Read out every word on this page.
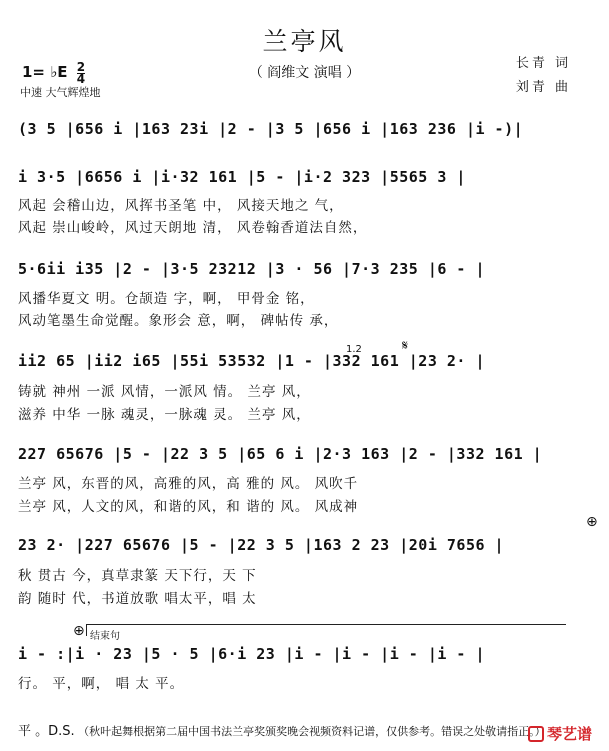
兰亭风
（ 阎维文 演唱 ）
长青 词
刘青 曲
1= ♭E $\frac{2}{4}$
中速 大气辉煌地
(3 5 |656 i |163 23i |2 - |3 5 |656 i |163 236 |i -)|
i 3·5 |6656 i |i·32 161 |5 - |i·2 323 |5565 3 |
风起 会稽山边，风挥书圣笔 中， 风接天地之 气，
风起 崇山峻岭，风过天朗地 清， 风卷翰香道法自然，
5·6ii i35 |2 - |3·5 23212 |3 · 56 |7·3 235 |6 - |
风播华夏文 明。仓颉造 字，啊， 甲骨金 铭，
风动笔墨生命觉醒。象形会 意，啊， 碑帖传 承，
ii2 65 |ii2 i65 |55i 53532 |1 - |332 161 |23 2· |
1.2	𝄋
铸就 神州 一派 风情，一派风 情。 兰亭 风，
滋养 中华 一脉 魂灵，一脉魂 灵。 兰亭 风，
227 65676 |5 - |22 3 5 |65 6 i |2·3 163 |2 - |332 161 |
兰亭 风，东晋的风，高雅的风，高 雅的 风。 风吹千
兰亭 风，人文的风，和谐的风，和 谐的 风。 风成神
⊕
23 2· |227 65676 |5 - |22 3 5 |163 2 23 |20i 7656 |
秋 贯古 今，真草隶篆 天下行，天 下
韵 随时 代，书道放歌 唱太平，唱 太
⊕ 结束句
i - :|i · 23 |5 · 5 |6·i 23 |i - |i - |i - |i - |
行。 平，啊， 唱 太 平。
平 。D.S. （秋叶起舞根据第二届中国书法兰亭奖颁奖晚会视频资料记谱，仅供参考。错误之处敬请指正。） 琴艺谱
